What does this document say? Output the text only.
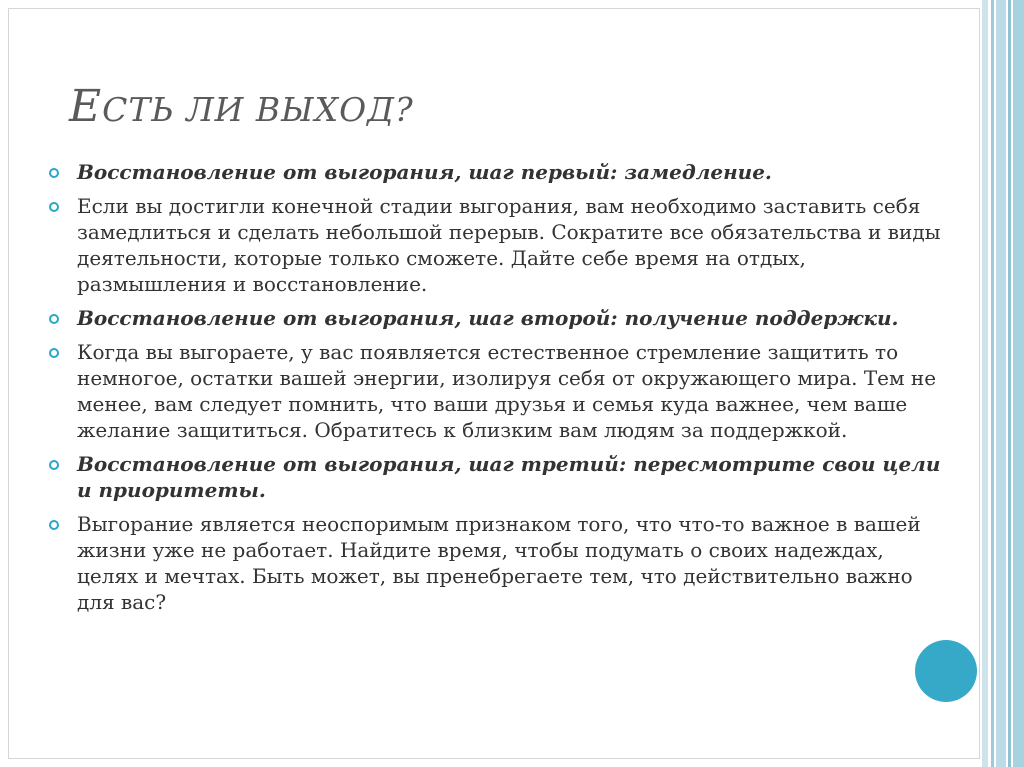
ЕСТЬ ЛИ ВЫХОД?
Восстановление от выгорания, шаг первый: замедление.
Если вы достигли конечной стадии выгорания, вам необходимо заставить себя замедлиться и сделать небольшой перерыв. Сократите все обязательства и виды деятельности, которые только сможете. Дайте себе время на отдых, размышления и восстановление.
Восстановление от выгорания, шаг второй: получение поддержки.
Когда вы выгораете, у вас появляется естественное стремление защитить то немногое, остатки вашей энергии, изолируя себя от окружающего мира. Тем не менее, вам следует помнить, что ваши друзья и семья куда важнее, чем ваше желание защититься. Обратитесь к близким вам людям за поддержкой.
Восстановление от выгорания, шаг третий: пересмотрите свои цели и приоритеты.
Выгорание является неоспоримым признаком того, что что-то важное в вашей жизни уже не работает. Найдите время, чтобы подумать о своих надеждах, целях и мечтах. Быть может, вы пренебрегаете тем, что действительно важно для вас?
